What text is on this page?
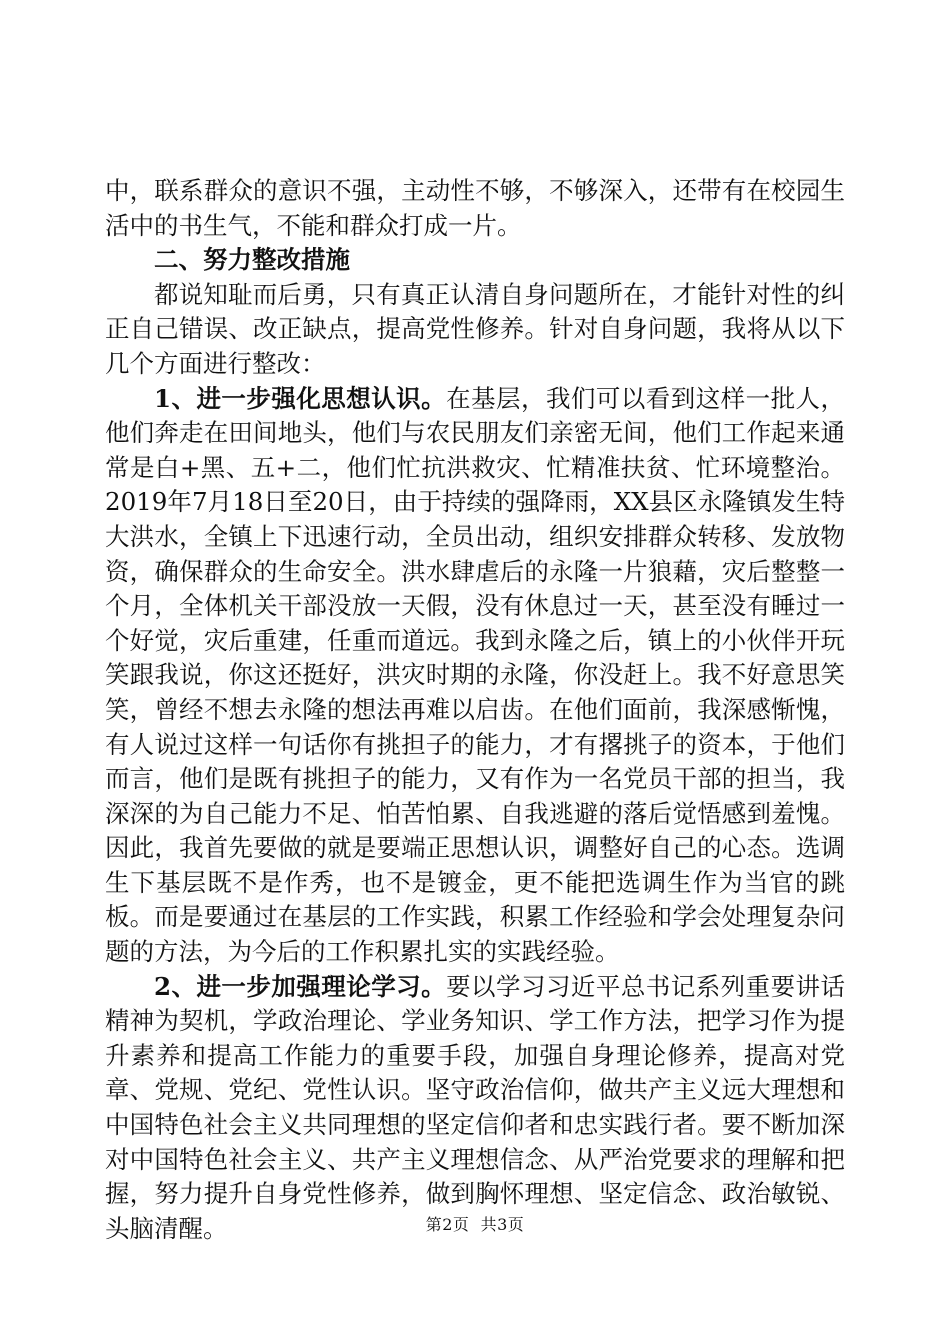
中，联系群众的意识不强，主动性不够，不够深入，还带有在校园生活中的书生气，不能和群众打成一片。

二、努力整改措施

都说知耻而后勇，只有真正认清自身问题所在，才能针对性的纠正自己错误、改正缺点，提高党性修养。针对自身问题，我将从以下几个方面进行整改：

1、进一步强化思想认识。在基层，我们可以看到这样一批人，他们奔走在田间地头，他们与农民朋友们亲密无间，他们工作起来通常是白+黑、五+二，他们忙抗洪救灾、忙精准扶贫、忙环境整治。2019年7月18日至20日，由于持续的强降雨，XX县区永隆镇发生特大洪水，全镇上下迅速行动，全员出动，组织安排群众转移、发放物资，确保群众的生命安全。洪水肆虐后的永隆一片狼藉，灾后整整一个月，全体机关干部没放一天假，没有休息过一天，甚至没有睡过一个好觉，灾后重建，任重而道远。我到永隆之后，镇上的小伙伴开玩笑跟我说，你这还挺好，洪灾时期的永隆，你没赶上。我不好意思笑笑，曾经不想去永隆的想法再难以启齿。在他们面前，我深感惭愧，有人说过这样一句话你有挑担子的能力，才有撂挑子的资本，于他们而言，他们是既有挑担子的能力，又有作为一名党员干部的担当，我深深的为自己能力不足、怕苦怕累、自我逃避的落后觉悟感到羞愧。因此，我首先要做的就是要端正思想认识，调整好自己的心态。选调生下基层既不是作秀，也不是镀金，更不能把选调生作为当官的跳板。而是要通过在基层的工作实践，积累工作经验和学会处理复杂问题的方法，为今后的工作积累扎实的实践经验。

2、进一步加强理论学习。要以学习习近平总书记系列重要讲话精神为契机，学政治理论、学业务知识、学工作方法，把学习作为提升素养和提高工作能力的重要手段，加强自身理论修养，提高对党章、党规、党纪、党性认识。坚守政治信仰，做共产主义远大理想和中国特色社会主义共同理想的坚定信仰者和忠实践行者。要不断加深对中国特色社会主义、共产主义理想信念、从严治党要求的理解和把握，努力提升自身党性修养，做到胸怀理想、坚定信念、政治敏锐、头脑清醒。	第2页 共3页
